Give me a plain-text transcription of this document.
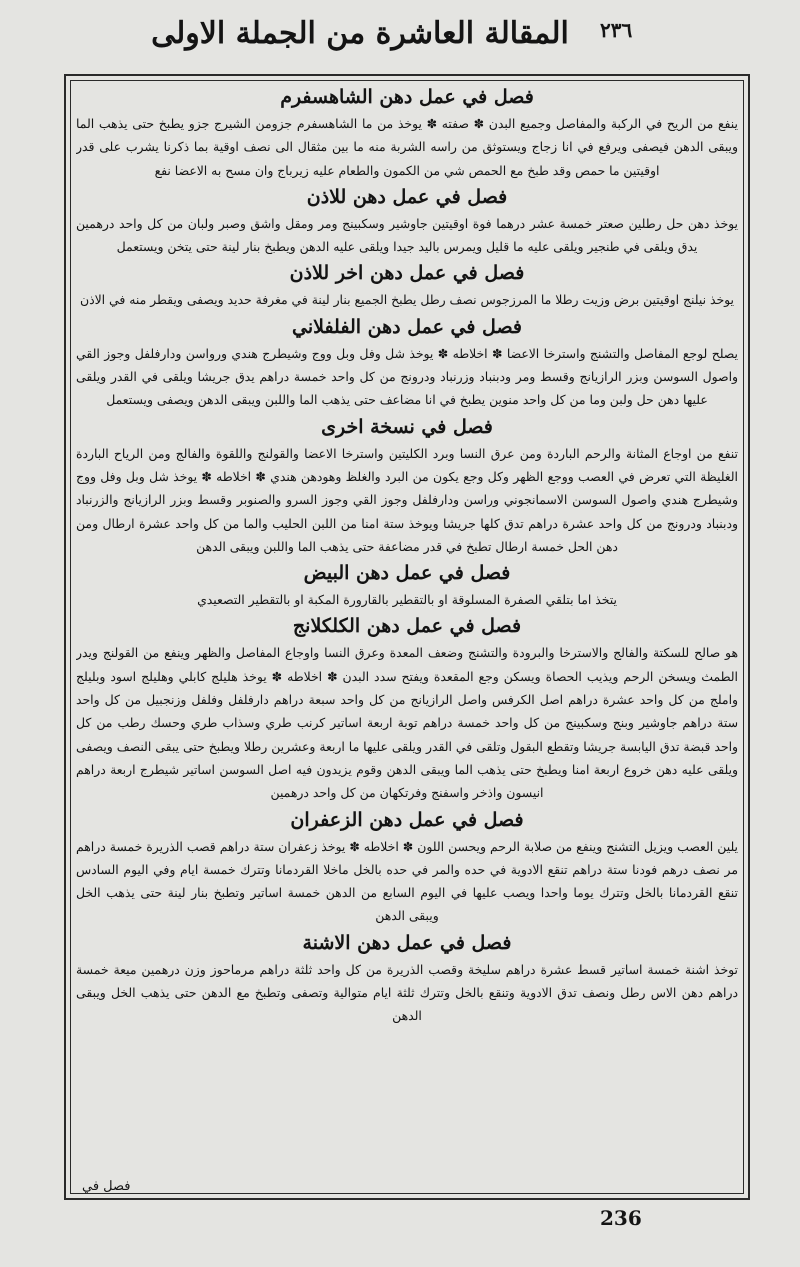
٢٣٦
المقالة العاشرة من الجملة الاولى
فصل في عمل دهن الشاهسفرم

ينفع من الريح في الركبة والمفاصل وجميع البدن ✽ صفته ✽ يوخذ من ما الشاهسفرم جزومن الشيرج جزو يطبخ حتى يذهب الما ويبقى الدهن فيصفى ويرفع في انا زجاج ويستوثق من راسه الشربة منه ما بين مثقال الى نصف اوقية بما ذكرنا يشرب على قدر اوقيتين ما حمص وقد طبخ مع الحمص شي من الكمون والطعام عليه زيرباج وان مسح به الاعضا نفع

فصل في عمل دهن للاذن

يوخذ دهن حل رطلين صعتر خمسة عشر درهما فوة اوقيتين جاوشير وسكبينج ومر ومقل واشق وصبر ولبان من كل واحد درهمين يدق ويلقى في طنجير ويلقى عليه ما قليل ويمرس باليد جيدا ويلقى عليه الدهن ويطبخ بنار لينة حتى يتخن ويستعمل

فصل في عمل دهن اخر للاذن

يوخذ نيلنج اوقيتين برض وزيت رطلا ما المرزجوس نصف رطل يطبخ الجميع بنار لينة في مغرفة حديد ويصفى ويقطر منه في الاذن

فصل في عمل دهن الفلفلاني

يصلح لوجع المفاصل والتشنج واسترخا الاعضا ✽ اخلاطه ✽ يوخذ شل وفل وبل ووج وشيطرج هندي ورواسن ودارفلفل وجوز القي واصول السوسن وبزر الرازيانج وقسط ومر ودبنباد وزرنباد ودرونج من كل واحد خمسة دراهم يدق جريشا ويلقى في القدر ويلقى عليها دهن حل ولبن وما من كل واحد منوين يطبخ في انا مضاعف حتى يذهب الما واللبن ويبقى الدهن ويصفى ويستعمل

فصل في نسخة اخرى

تنفع من اوجاع المثانة والرحم الباردة ومن عرق النسا وبرد الكليتين واسترخا الاعضا والقولنج واللقوة والفالج ومن الرياح الباردة الغليظة التي تعرض في العصب ووجع الظهر وكل وجع يكون من البرد والغلظ وهودهن هندي ✽ اخلاطه ✽ يوخذ شل وبل وفل ووج وشيطرج هندي واصول السوسن الاسمانجوني وراسن ودارفلفل وجوز القي وجوز السرو والصنوبر وقسط وبزر الرازيانج والزرنباد ودبنباد ودرونج من كل واحد عشرة دراهم تدق كلها جريشا ويوخذ ستة امنا من اللبن الحليب والما من كل واحد عشرة ارطال ومن دهن الحل خمسة ارطال تطبخ في قدر مضاعفة حتى يذهب الما واللبن ويبقى الدهن

فصل في عمل دهن البيض

يتخذ اما بتلقي الصفرة المسلوقة او بالتقطير بالقارورة المكبة او بالتقطير التصعيدي

فصل في عمل دهن الكلكلانج

هو صالح للسكتة والفالج والاسترخا والبرودة والتشنج وضعف المعدة وعرق النسا واوجاع المفاصل والظهر وينفع من القولنج ويدر الطمث ويسخن الرحم ويذيب الحصاة ويسكن وجع المقعدة ويفتح سدد البدن ✽ اخلاطه ✽ يوخذ هليلج كابلي وهليلج اسود وبليلج واملج من كل واحد عشرة دراهم اصل الكرفس واصل الرازيانج من كل واحد سبعة دراهم دارفلفل وفلفل وزنجبيل من كل واحد ستة دراهم جاوشير وبنج وسكبينج من كل واحد خمسة دراهم توبة اربعة اساتير كرنب طري وسذاب طري وحسك رطب من كل واحد قبضة تدق اليابسة جريشا وتقطع البقول وتلقى في القدر ويلقى عليها ما اربعة وعشرين رطلا ويطبخ حتى يبقى النصف ويصفى ويلقى عليه دهن خروع اربعة امنا ويطبخ حتى يذهب الما ويبقى الدهن وقوم يزيدون فيه اصل السوسن اساتير شيطرج اربعة دراهم انيسون واذخر واسفنج وفرتكهان من كل واحد درهمين

فصل في عمل دهن الزعفران

يلين العصب ويزيل التشنج وينفع من صلابة الرحم ويحسن اللون ✽ اخلاطه ✽ يوخذ زعفران ستة دراهم قصب الذريرة خمسة دراهم مر نصف درهم فودنا ستة دراهم تنقع الادوية في حده والمر في حده بالخل ماخلا القردمانا وتترك خمسة ايام وفي اليوم السادس تنقع القردمانا بالخل وتترك يوما واحدا ويصب عليها في اليوم السابع من الدهن خمسة اساتير وتطبخ بنار لينة حتى يذهب الخل ويبقى الدهن

فصل في عمل دهن الاشنة

توخذ اشنة خمسة اساتير قسط عشرة دراهم سليخة وقصب الذريرة من كل واحد ثلثة دراهم مرماحوز وزن درهمين ميعة خمسة دراهم دهن الاس رطل ونصف تدق الادوية وتنقع بالخل وتترك ثلثة ايام متوالية وتصفى وتطبخ مع الدهن حتى يذهب الخل ويبقى الدهن

فصل في
236
